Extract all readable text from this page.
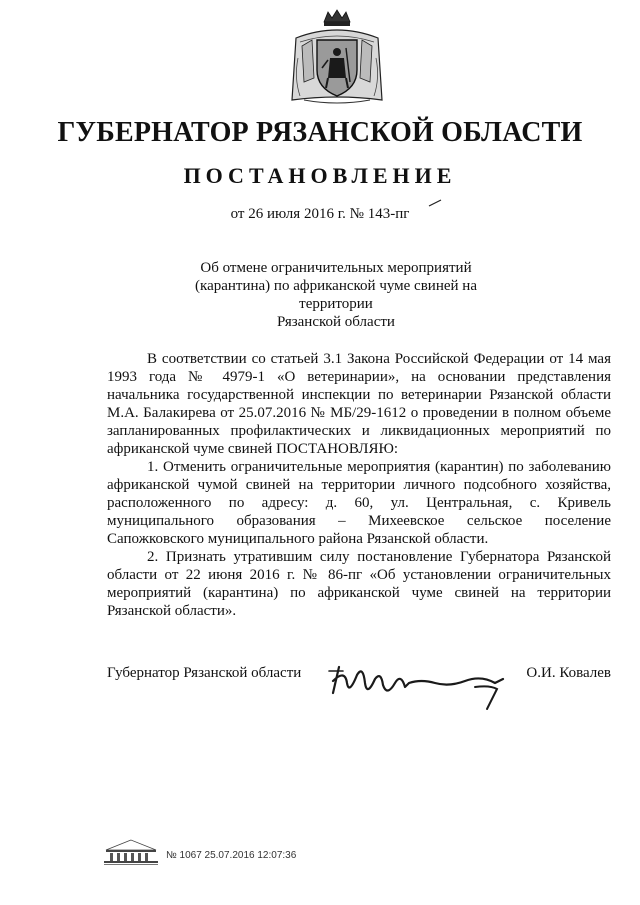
ГУБЕРНАТОР РЯЗАНСКОЙ ОБЛАСТИ
ПОСТАНОВЛЕНИЕ
от 26 июля 2016 г. № 143-пг
Об отмене ограничительных мероприятий
(карантина) по африканской чуме свиней на территории
Рязанской области

В соответствии со статьей 3.1 Закона Российской Федерации от 14 мая 1993 года № 4979-1 «О ветеринарии», на основании представления начальника государственной инспекции по ветеринарии Рязанской области М.А. Балакирева от 25.07.2016 № МБ/29-1612 о проведении в полном объеме запланированных профилактических и ликвидационных мероприятий по африканской чуме свиней ПОСТАНОВЛЯЮ:

1. Отменить ограничительные мероприятия (карантин) по заболеванию африканской чумой свиней на территории личного подсобного хозяйства, расположенного по адресу: д. 60, ул. Центральная, с. Кривель муниципального образования – Михеевское сельское поселение Сапожковского муниципального района Рязанской области.

2. Признать утратившим силу постановление Губернатора Рязанской области от 22 июня 2016 г. № 86-пг «Об установлении ограничительных мероприятий (карантина) по африканской чуме свиней на территории Рязанской области».

Губернатор Рязанской области	О.И. Ковалев
№ 1067 25.07.2016 12:07:36
